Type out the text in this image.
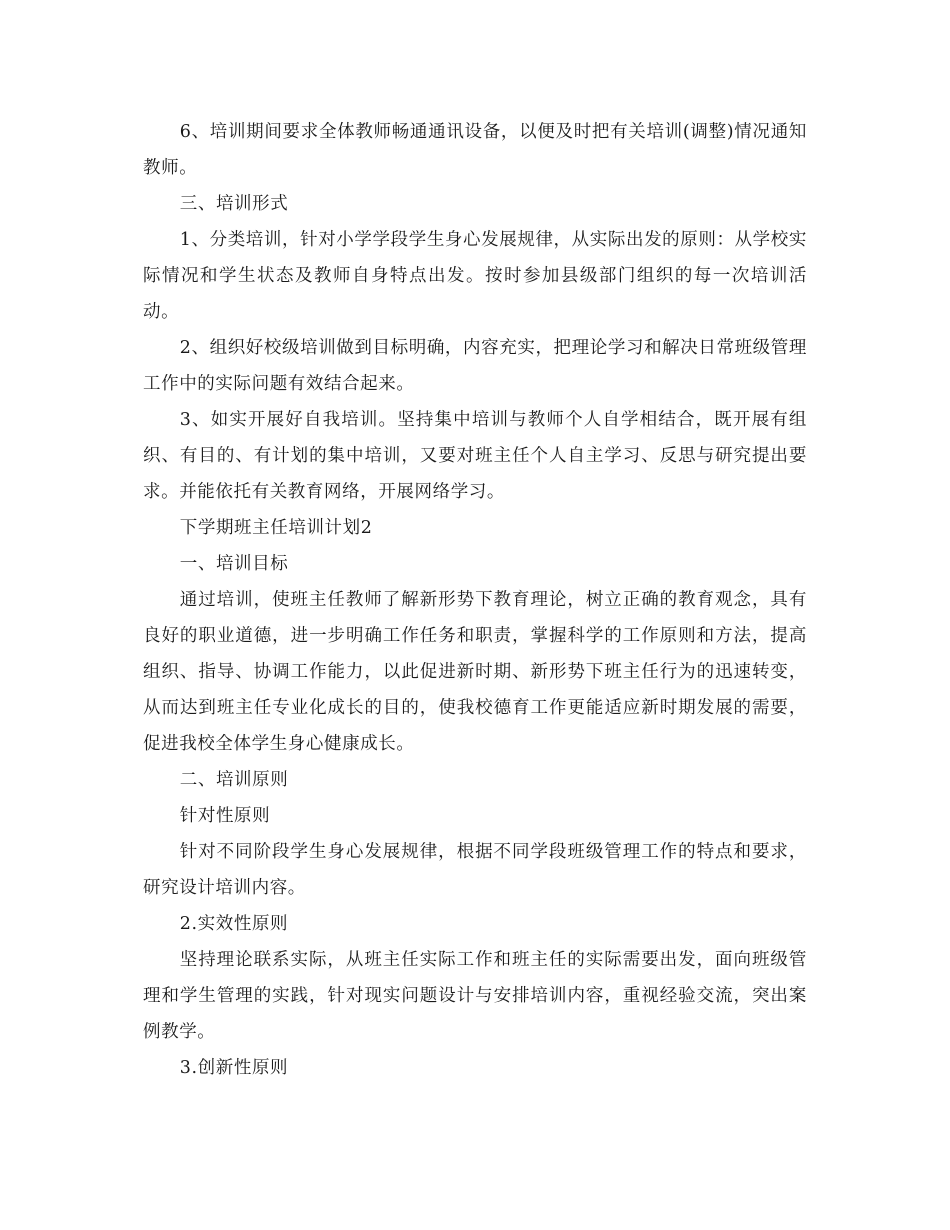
6、培训期间要求全体教师畅通通讯设备，以便及时把有关培训(调整)情况通知教师。

三、培训形式

1、分类培训，针对小学学段学生身心发展规律，从实际出发的原则：从学校实际情况和学生状态及教师自身特点出发。按时参加县级部门组织的每一次培训活动。

2、组织好校级培训做到目标明确，内容充实，把理论学习和解决日常班级管理工作中的实际问题有效结合起来。

3、如实开展好自我培训。坚持集中培训与教师个人自学相结合，既开展有组织、有目的、有计划的集中培训，又要对班主任个人自主学习、反思与研究提出要求。并能依托有关教育网络，开展网络学习。

下学期班主任培训计划2

一、培训目标

通过培训，使班主任教师了解新形势下教育理论，树立正确的教育观念，具有良好的职业道德，进一步明确工作任务和职责，掌握科学的工作原则和方法，提高组织、指导、协调工作能力，以此促进新时期、新形势下班主任行为的迅速转变，从而达到班主任专业化成长的目的，使我校德育工作更能适应新时期发展的需要，促进我校全体学生身心健康成长。

二、培训原则

针对性原则

针对不同阶段学生身心发展规律，根据不同学段班级管理工作的特点和要求，研究设计培训内容。

2.实效性原则

坚持理论联系实际，从班主任实际工作和班主任的实际需要出发，面向班级管理和学生管理的实践，针对现实问题设计与安排培训内容，重视经验交流，突出案例教学。

3.创新性原则
